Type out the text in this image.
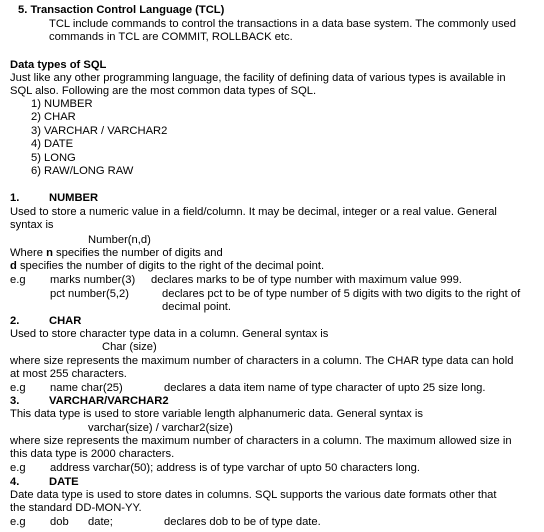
5. Transaction Control Language (TCL)
TCL include commands to control the transactions in a data base system. The commonly used
commands in TCL are COMMIT, ROLLBACK etc.
Data types of SQL
Just like any other programming language, the facility of defining data of various types is available in
SQL also. Following are the most common data types of SQL.
1) NUMBER
2) CHAR
3) VARCHAR / VARCHAR2
4) DATE
5) LONG
6) RAW/LONG RAW
1.	NUMBER
Used to store a numeric value in a field/column. It may be decimal, integer or a real value. General
syntax is
Number(n,d)
Where n specifies the number of digits and
d specifies the number of digits to the right of the decimal point.
e.g marks number(3) declares marks to be of type number with maximum value 999.
pct number(5,2)	declares pct to be of type number of 5 digits with two digits to the right of
decimal point.
2.	CHAR
Used to store character type data in a column. General syntax is
Char (size)
where size represents the maximum number of characters in a column. The CHAR type data can hold
at most 255 characters.
e.g name char(25)	declares a data item name of type character of upto 25 size long.
3.	VARCHAR/VARCHAR2
This data type is used to store variable length alphanumeric data. General syntax is
varchar(size) / varchar2(size)
where size represents the maximum number of characters in a column. The maximum allowed size in
this data type is 2000 characters.
e.g address varchar(50); address is of type varchar of upto 50 characters long.
4.	DATE
Date data type is used to store dates in columns. SQL supports the various date formats other that
the standard DD-MON-YY.
e.g dob date;	declares dob to be of type date.
